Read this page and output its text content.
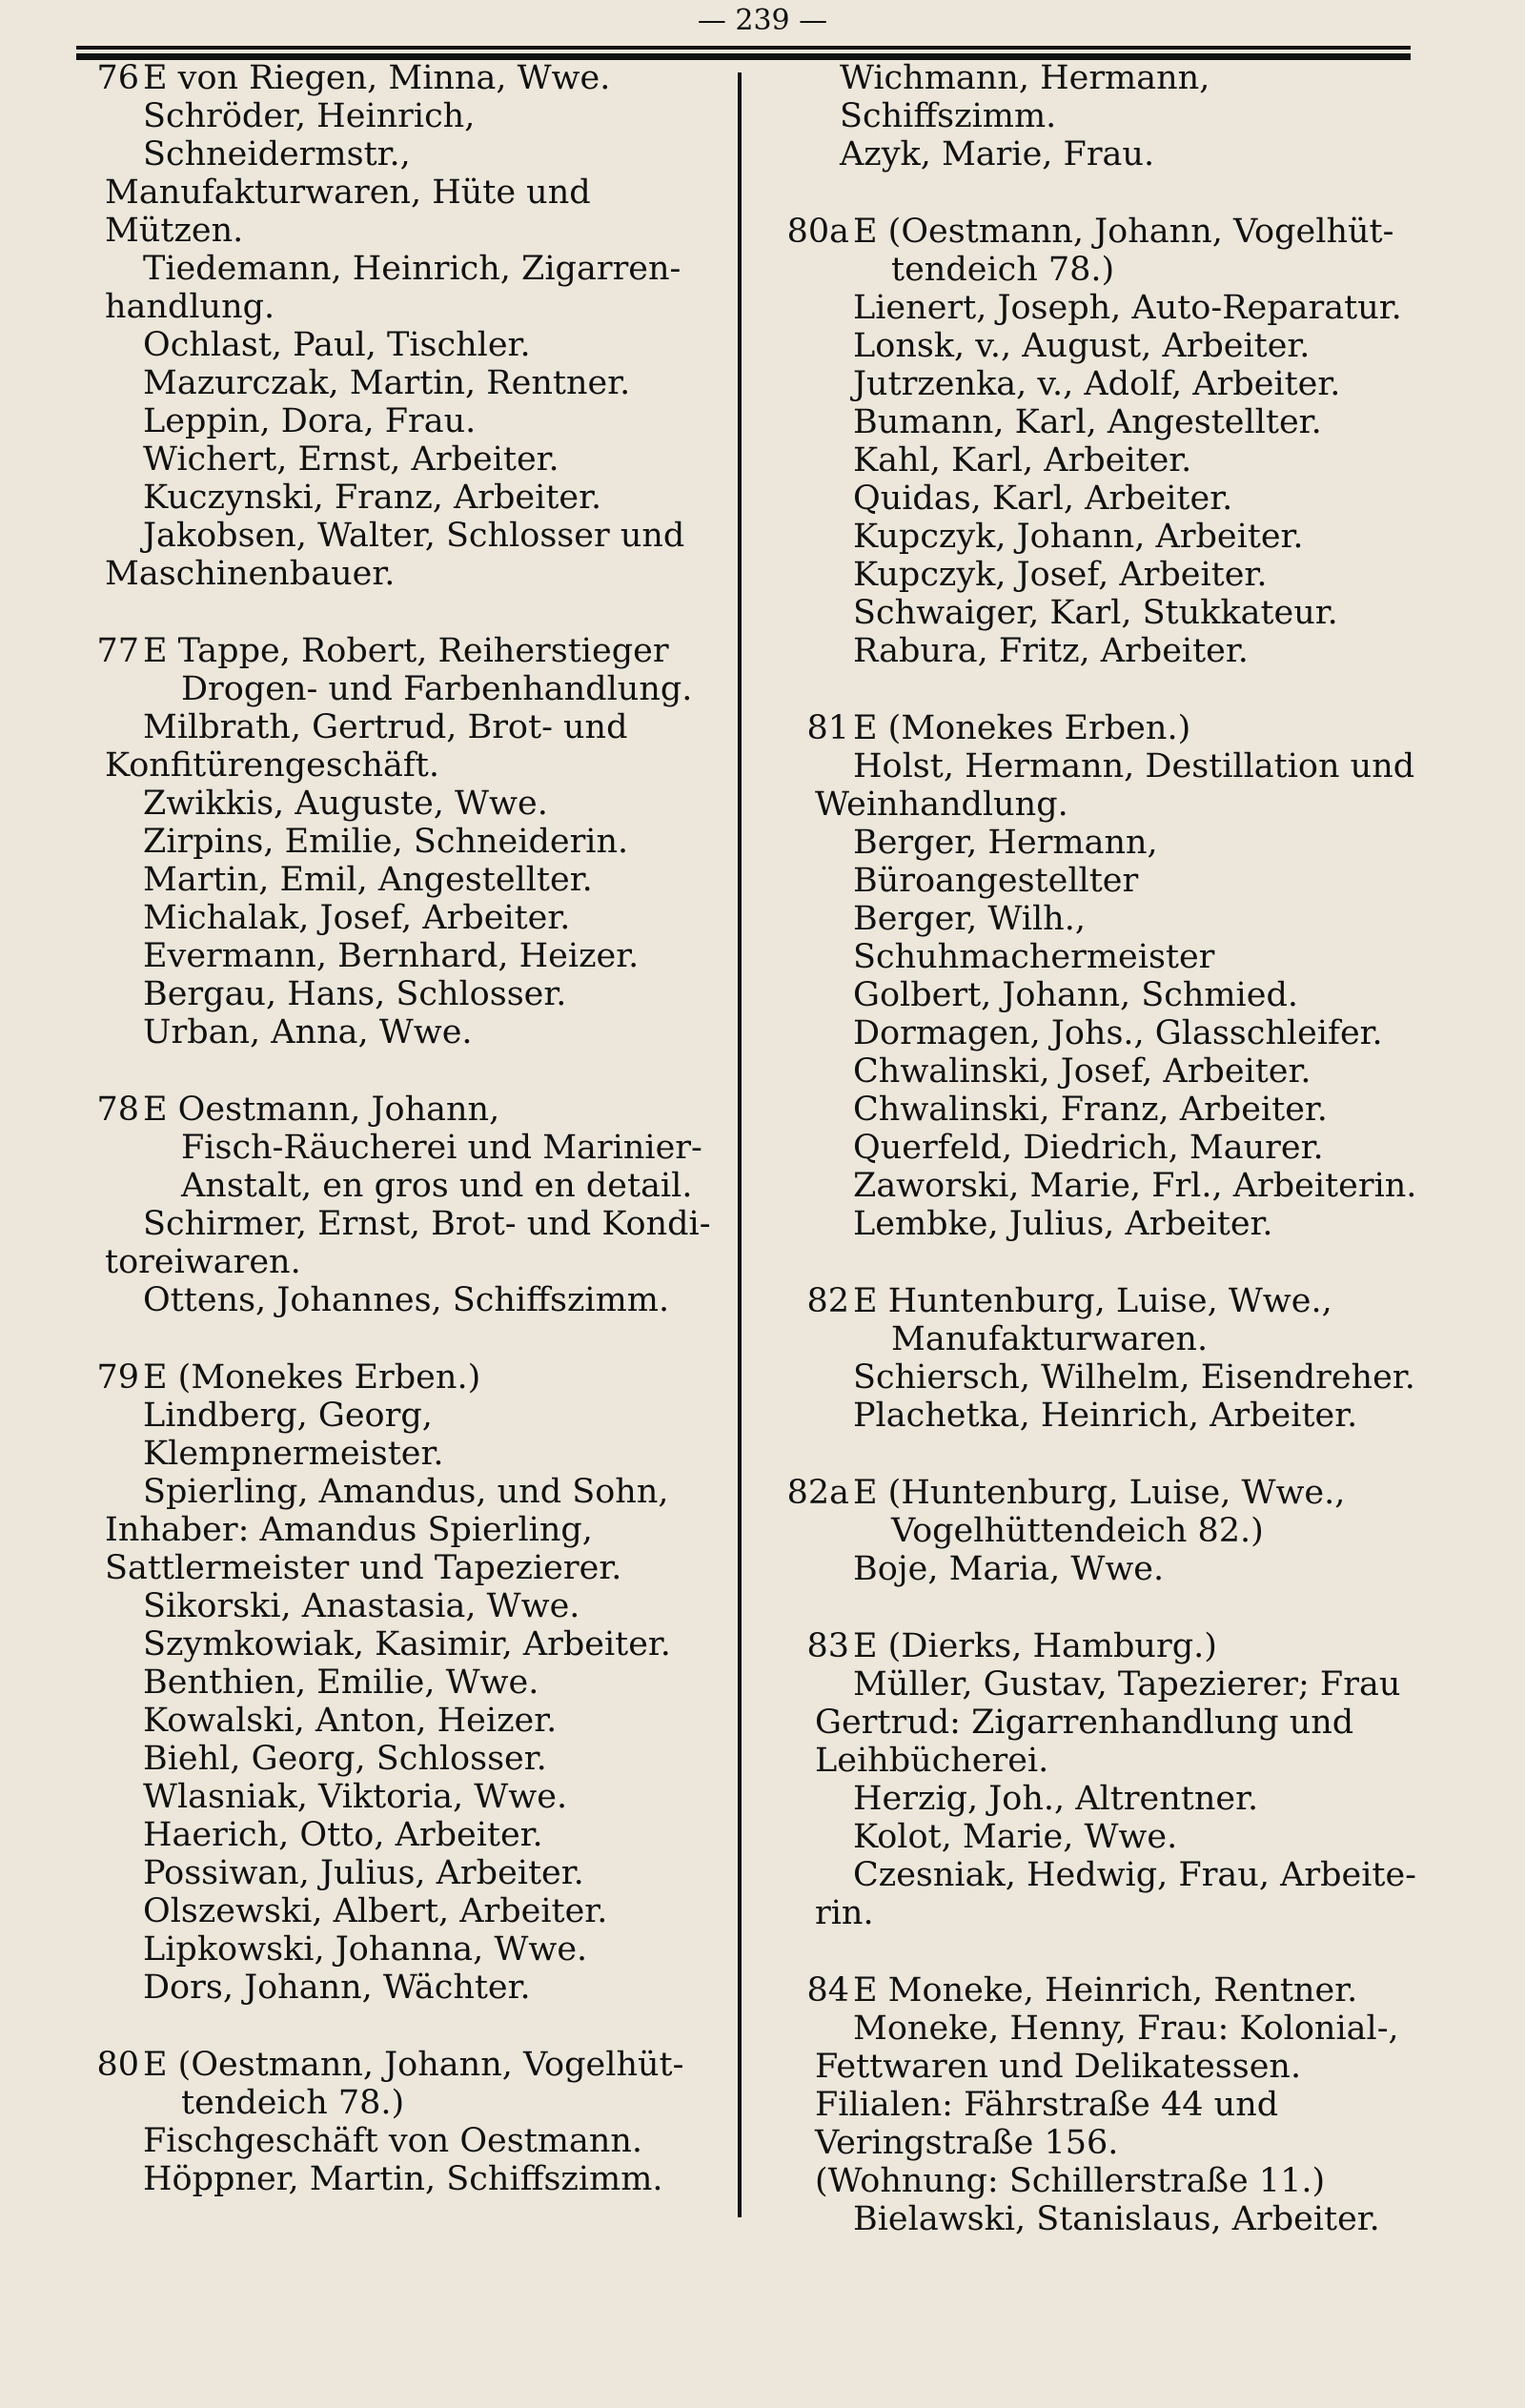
— 239 —
76 E von Riegen, Minna, Wwe.
Schröder, Heinrich, Schneidermstr.,
Manufakturwaren, Hüte und
Mützen.
Tiedemann, Heinrich, Zigarren-
handlung.
Ochlast, Paul, Tischler.
Mazurczak, Martin, Rentner.
Leppin, Dora, Frau.
Wichert, Ernst, Arbeiter.
Kuczynski, Franz, Arbeiter.
Jakobsen, Walter, Schlosser und
Maschinenbauer.
77 E Tappe, Robert, Reiherstieger
Drogen- und Farbenhandlung.
Milbrath, Gertrud, Brot- und
Konfitürengeschäft.
Zwikkis, Auguste, Wwe.
Zirpins, Emilie, Schneiderin.
Martin, Emil, Angestellter.
Michalak, Josef, Arbeiter.
Evermann, Bernhard, Heizer.
Bergau, Hans, Schlosser.
Urban, Anna, Wwe.
78 E Oestmann, Johann,
Fisch-Räucherei und Marinier-
Anstalt, en gros und en detail.
Schirmer, Ernst, Brot- und Kondi-
toreiwaren.
Ottens, Johannes, Schiffszimm.
79 E (Monekes Erben.)
Lindberg, Georg, Klempnermeister.
Spierling, Amandus, und Sohn,
Inhaber: Amandus Spierling,
Sattlermeister und Tapezierer.
Sikorski, Anastasia, Wwe.
Szymkowiak, Kasimir, Arbeiter.
Benthien, Emilie, Wwe.
Kowalski, Anton, Heizer.
Biehl, Georg, Schlosser.
Wlasniak, Viktoria, Wwe.
Haerich, Otto, Arbeiter.
Possiwan, Julius, Arbeiter.
Olszewski, Albert, Arbeiter.
Lipkowski, Johanna, Wwe.
Dors, Johann, Wächter.
80 E (Oestmann, Johann, Vogelhüt-
tendeich 78.)
Fischgeschäft von Oestmann.
Höppner, Martin, Schiffszimm.
Wichmann, Hermann, Schiffszimm.
Azyk, Marie, Frau.
80a E (Oestmann, Johann, Vogelhüt-
tendeich 78.)
Lienert, Joseph, Auto-Reparatur.
Lonsk, v., August, Arbeiter.
Jutrzenka, v., Adolf, Arbeiter.
Bumann, Karl, Angestellter.
Kahl, Karl, Arbeiter.
Quidas, Karl, Arbeiter.
Kupczyk, Johann, Arbeiter.
Kupczyk, Josef, Arbeiter.
Schwaiger, Karl, Stukkateur.
Rabura, Fritz, Arbeiter.
81 E (Monekes Erben.)
Holst, Hermann, Destillation und
Weinhandlung.
Berger, Hermann, Büroangestellter
Berger, Wilh., Schuhmachermeister
Golbert, Johann, Schmied.
Dormagen, Johs., Glasschleifer.
Chwalinski, Josef, Arbeiter.
Chwalinski, Franz, Arbeiter.
Querfeld, Diedrich, Maurer.
Zaworski, Marie, Frl., Arbeiterin.
Lembke, Julius, Arbeiter.
82 E Huntenburg, Luise, Wwe.,
Manufakturwaren.
Schiersch, Wilhelm, Eisendreher.
Plachetka, Heinrich, Arbeiter.
82a E (Huntenburg, Luise, Wwe.,
Vogelhüttendeich 82.)
Boje, Maria, Wwe.
83 E (Dierks, Hamburg.)
Müller, Gustav, Tapezierer; Frau
Gertrud: Zigarrenhandlung und
Leihbücherei.
Herzig, Joh., Altrentner.
Kolot, Marie, Wwe.
Czesniak, Hedwig, Frau, Arbeite-
rin.
84 E Moneke, Heinrich, Rentner.
Moneke, Henny, Frau: Kolonial-,
Fettwaren und Delikatessen.
Filialen: Fährstraße 44 und
Veringstraße 156.
(Wohnung: Schillerstraße 11.)
Bielawski, Stanislaus, Arbeiter.
